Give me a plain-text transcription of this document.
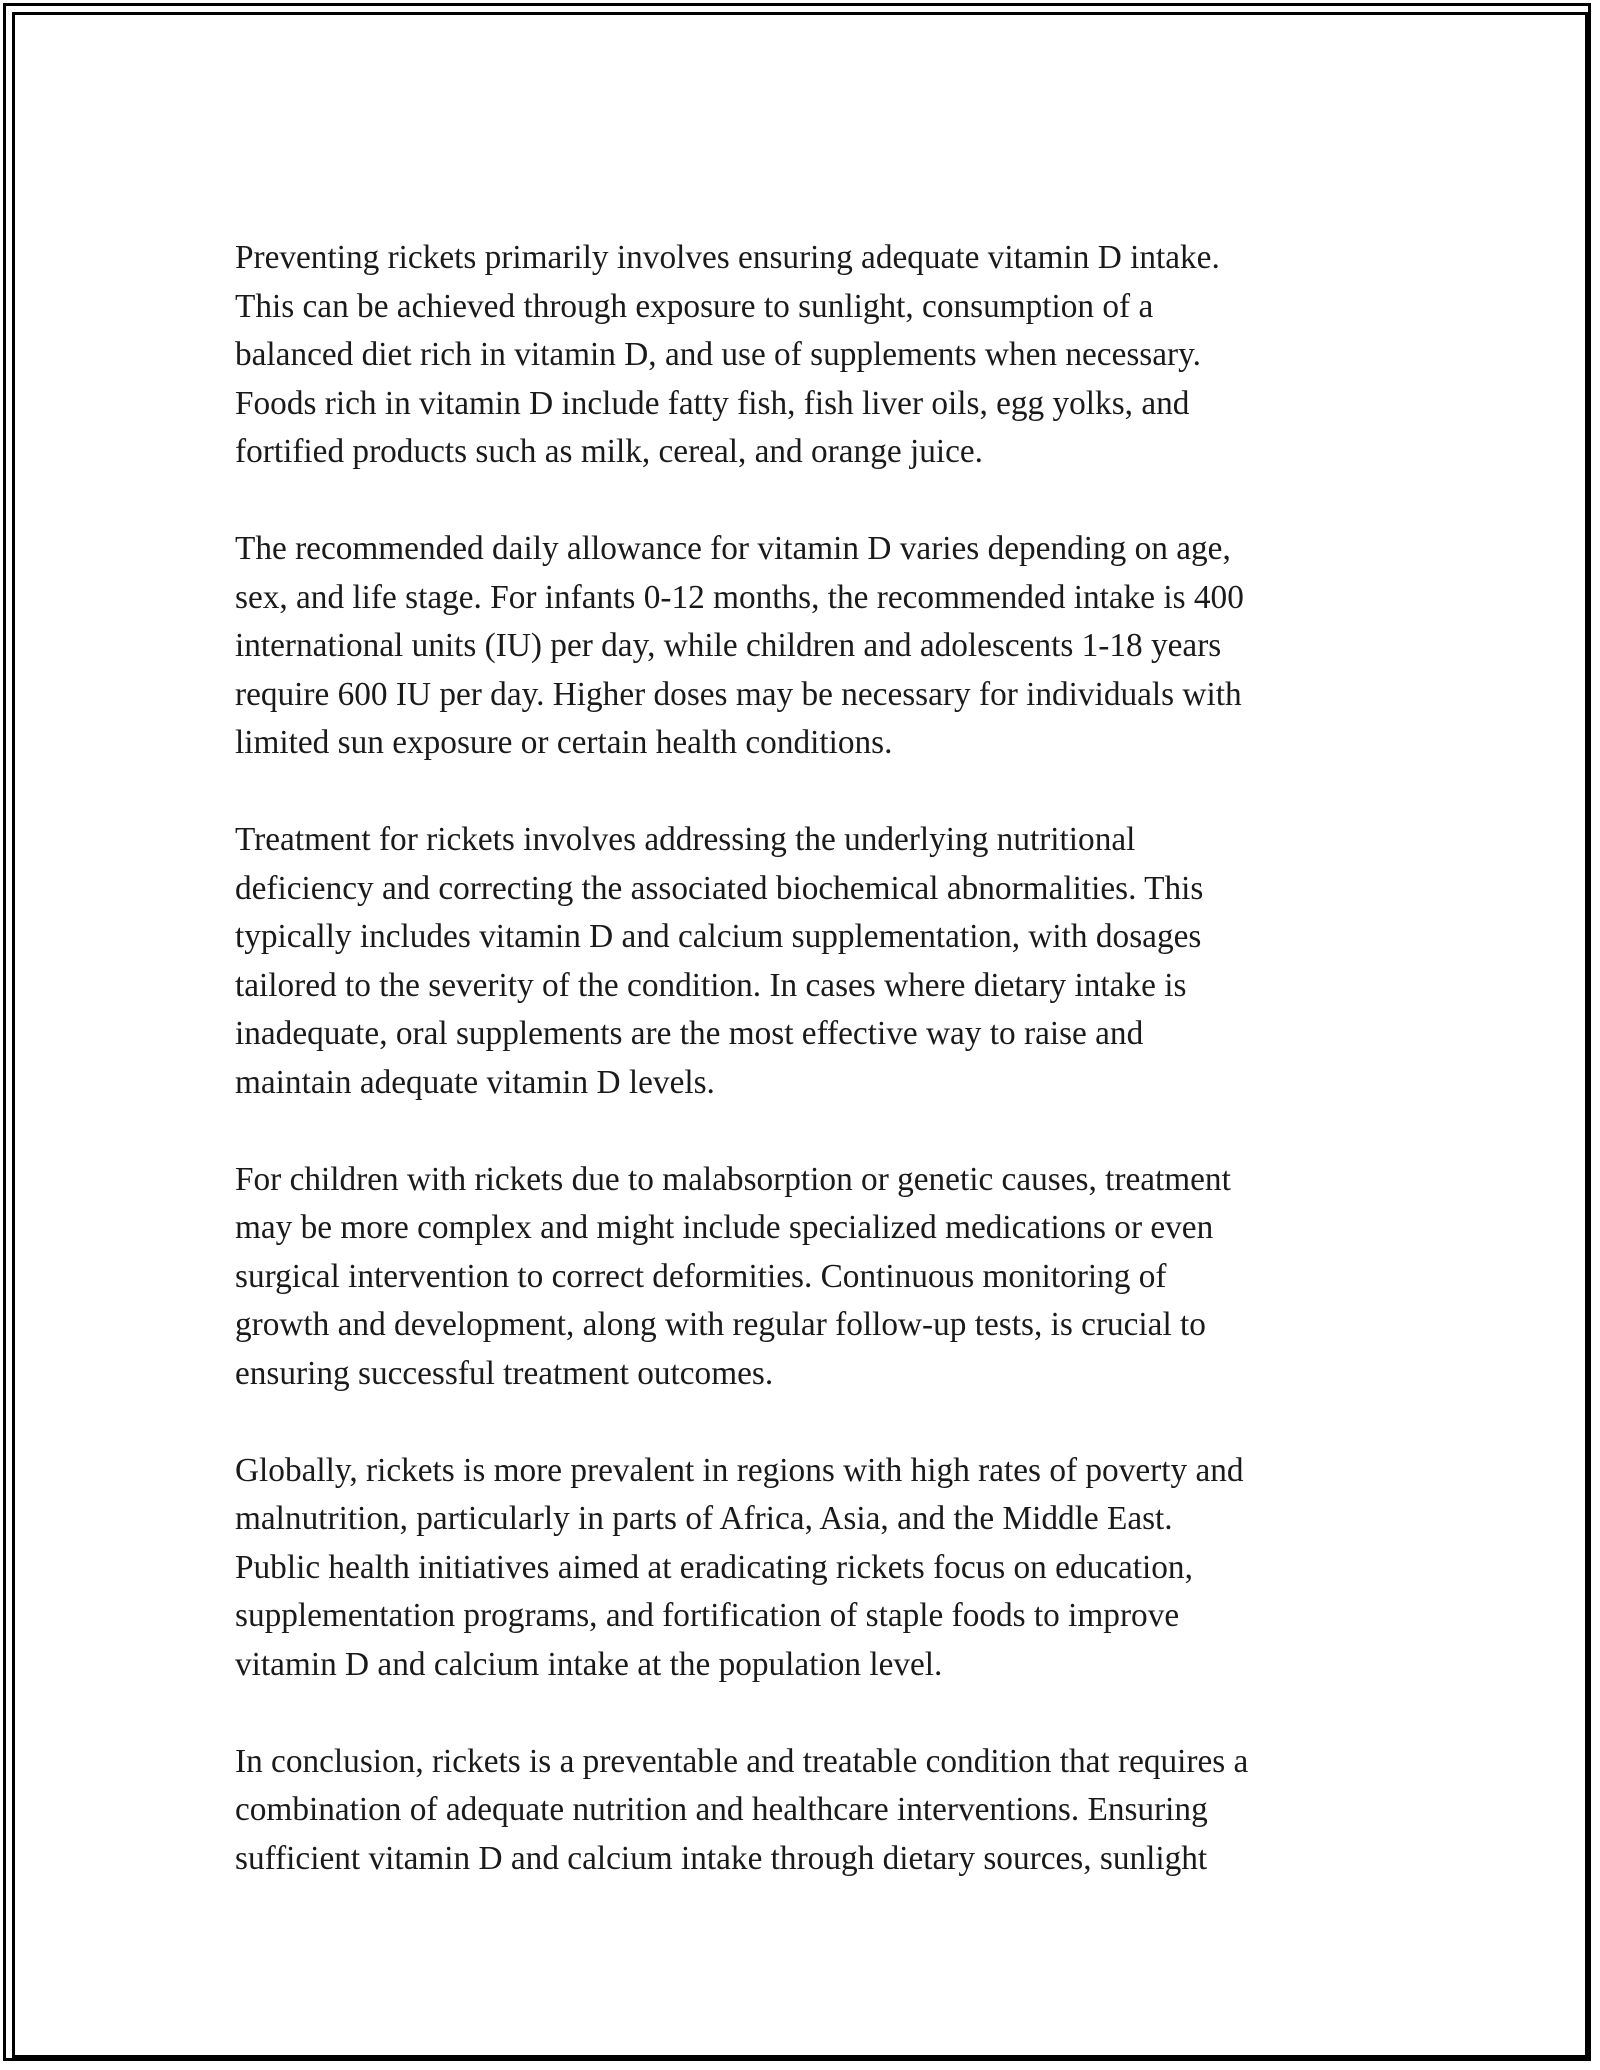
Preventing rickets primarily involves ensuring adequate vitamin D intake.
This can be achieved through exposure to sunlight, consumption of a
balanced diet rich in vitamin D, and use of supplements when necessary.
Foods rich in vitamin D include fatty fish, fish liver oils, egg yolks, and
fortified products such as milk, cereal, and orange juice.

The recommended daily allowance for vitamin D varies depending on age,
sex, and life stage. For infants 0-12 months, the recommended intake is 400
international units (IU) per day, while children and adolescents 1-18 years
require 600 IU per day. Higher doses may be necessary for individuals with
limited sun exposure or certain health conditions.

Treatment for rickets involves addressing the underlying nutritional
deficiency and correcting the associated biochemical abnormalities. This
typically includes vitamin D and calcium supplementation, with dosages
tailored to the severity of the condition. In cases where dietary intake is
inadequate, oral supplements are the most effective way to raise and
maintain adequate vitamin D levels.

For children with rickets due to malabsorption or genetic causes, treatment
may be more complex and might include specialized medications or even
surgical intervention to correct deformities. Continuous monitoring of
growth and development, along with regular follow-up tests, is crucial to
ensuring successful treatment outcomes.

Globally, rickets is more prevalent in regions with high rates of poverty and
malnutrition, particularly in parts of Africa, Asia, and the Middle East.
Public health initiatives aimed at eradicating rickets focus on education,
supplementation programs, and fortification of staple foods to improve
vitamin D and calcium intake at the population level.

In conclusion, rickets is a preventable and treatable condition that requires a
combination of adequate nutrition and healthcare interventions. Ensuring
sufficient vitamin D and calcium intake through dietary sources, sunlight
